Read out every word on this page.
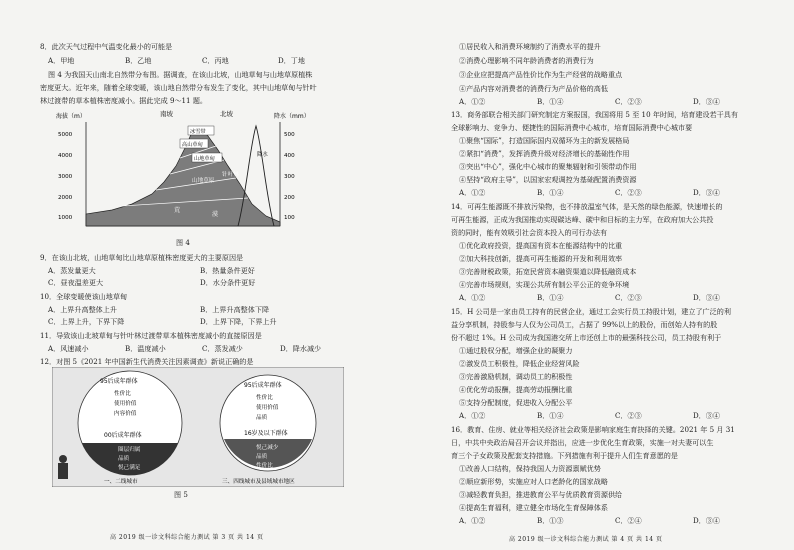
8．此次天气过程中气温变化最小的可能是
A．甲地	B．乙地	C．丙地	D．丁地
图 4 为我国天山南北自然带分布图。据调查，在该山北坡，山地草甸与山地草原植株
密度更大。近年来，随着全球变暖，该山地自然带分布发生了变化，其中山地草甸与针叶
林过渡带的草本植株密度减小。据此完成 9～11 题。
南坡	北坡
海拔（m）	降水（mm）
5000
4000
3000
2000
1000
500
400
300
200
100
冰雪带
高山草甸
山地草甸
山地草原
针叶林
荒
漠
降水
图 4
9．在该山北坡，山地草甸比山地草原植株密度更大的主要原因是
A．蒸发量更大	B．热量条件更好
C．昼夜温差更大	D．水分条件更好
10．全球变暖使该山地草甸
A．上界升高整体上升	B．上界升高整体下降
C．上界上升，下界下降	D．上界下降，下界上升
11．导致该山北坡草甸与针叶林过渡带草本植株密度减小的直接原因是
A．风速减小	B．温度减小	C．蒸发减少	D．降水减少
12．对图 5《2021 年中国新生代消费关注因素调查》新说正确的是
95后成年群体
性价比
使用价值
内容价值
00后成年群体
圈层归属
品质
悦己满足
95后成年群体
性价比
使用价值
品质
16岁及以下群体
悦己减少
品质
性价比
一、二线城市	三、四线城市及县域城市地区
图 5
高 2019 级一诊文科综合能力测试 第 3 页 共 14 页
①居民收入和消费环境制约了消费水平的提升
②消费心理影响不同年龄消费者的消费行为
③企业应把提高产品性价比作为生产经营的战略重点
④产品内容对消费者的消费行为产品价格的高低
A．①②	B．①④	C．②③	D．③④
13．商务部联合相关部门研究制定方案报国，我国将用 5 至 10 年时间，培育建设若干具有
全球影响力、竞争力、便捷性的国际消费中心城市，培育国际消费中心城市要
①聚焦“国际”，打造国际国内双循环为主的新发展格局
②紧扣“消费”，发挥消费升级对经济增长的基础性作用
③突出“中心”，强化中心城市的聚集辐射和引领带动作用
④坚持“政府主导”，以国家宏观调控为基础配置消费资源
A．①②	B．①④	C．②③	D．③④
14．可再生能源既不排放污染物，也不排放温室气体，是天然的绿色能源，快速增长的
可再生能源，正成为我国推动实现碳达峰、碳中和目标的主力军，在政府加大公共投
资的同时，能有效吸引社会资本投入的可行办法有
①优化政府投资，提高国有资本在能源结构中的比重
②加大科技创新，提高可再生能源的开发和利用效率
③完善财税政策，拓宽民营资本融资渠道以降低融资成本
④完善市场规则，实现公共所有制公平公正的竞争环境
A．①②	B．①④	C．②③	D．③④
15．H 公司是一家由员工持有的民营企业，通过工会实行员工持股计划，建立了广泛的利
益分享机制，持股参与人仅为公司员工，占据了 99%以上的股份，而创始人持有的股
份不超过 1%。H 公司成为我国港交所上市还创上市的最强科技公司，员工持股有利于
①通过股权分配，增强企业的凝聚力
②激发员工积极性，降低企业经营风险
③完善激励机制，调动员工的积极性
④优化劳动报酬，提高劳动报酬比重
⑤支持分配制度，促进收入分配公平
A．①②	B．①④	C．②③	D．③④
16．教育、住房、就业等相关经济社会政策是影响家庭生育抉择的关键。2021 年 5 月 31
日，中共中央政治局召开会议并指出，应进一步优化生育政策，实施一对夫妻可以生
育三个子女政策及配套支持措施。下列措施有利于提升人们生育意愿的是
①改善人口结构，保持我国人力资源禀赋优势
②顺应新形势，实施应对人口老龄化的国家战略
③减轻教育负担，推进教育公平与优质教育资源供给
④提高生育福利，建立健全市场化生育保障体系
A．①②	B．①③	C．②④	D．③④
高 2019 级一诊文科综合能力测试 第 4 页 共 14 页
